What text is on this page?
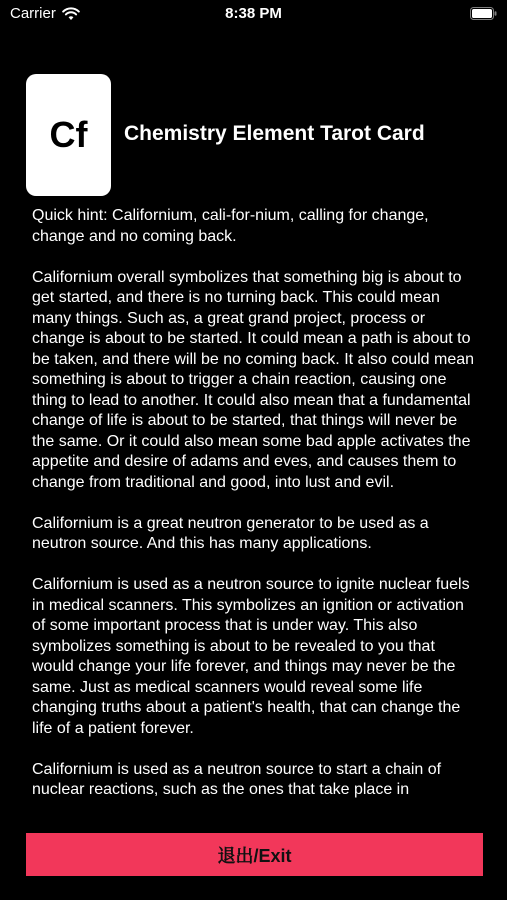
Carrier	8:38 PM
Cf Chemistry Element Tarot Card

Quick hint: Californium, cali-for-nium, calling for change, change and no coming back.

Californium overall symbolizes that something big is about to get started, and there is no turning back. This could mean many things. Such as, a great grand project, process or change is about to be started. It could mean a path is about to be taken, and there will be no coming back. It also could mean something is about to trigger a chain reaction, causing one thing to lead to another. It could also mean that a fundamental change of life is about to be started, that things will never be the same. Or it could also mean some bad apple activates the appetite and desire of adams and eves, and causes them to change from traditional and good, into lust and evil.

Californium is a great neutron generator to be used as a neutron source. And this has many applications.

Californium is used as a neutron source to ignite nuclear fuels in medical scanners. This symbolizes an ignition or activation of some important process that is under way. This also symbolizes something is about to be revealed to you that would change your life forever, and things may never be the same. Just as medical scanners would reveal some life changing truths about a patient's health, that can change the life of a patient forever.

Californium is used as a neutron source to start a chain of nuclear reactions, such as the ones that take place in

退出/Exit
